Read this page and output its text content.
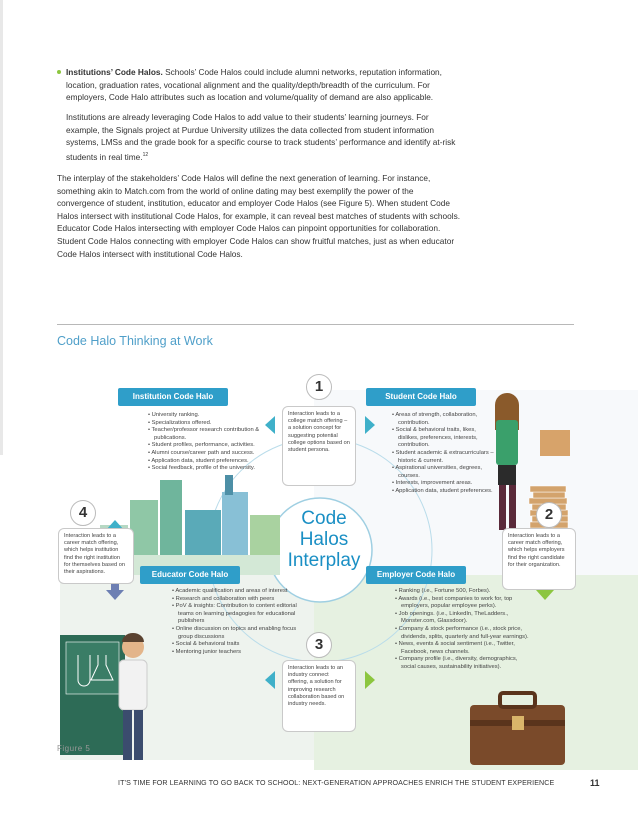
Institutions’ Code Halos. Schools’ Code Halos could include alumni networks, reputation information, location, graduation rates, vocational alignment and the quality/depth/breadth of the curriculum. For employers, Code Halo attributes such as location and volume/quality of demand are also applicable.

Institutions are already leveraging Code Halos to add value to their students’ learning journeys. For example, the Signals project at Purdue University utilizes the data collected from student information systems, LMSs and the grade book for a specific course to track students’ performance and identify at-risk students in real time.$^{12}$

The interplay of the stakeholders’ Code Halos will define the next generation of learning. For instance, something akin to Match.com from the world of online dating may best exemplify the power of the convergence of student, institution, educator and employer Code Halos (see Figure 5). When student Code Halos intersect with institutional Code Halos, for example, it can reveal best matches of students with schools. Educator Code Halos intersecting with employer Code Halos can pinpoint opportunities for collaboration. Student Code Halos connecting with employer Code Halos can show fruitful matches, just as when educator Code Halos intersect with institutional Code Halos.

Code Halo Thinking at Work
Institution Code Halo	Student Code Halo
Educator Code Halo	Employer Code Halo
• University ranking.
• Specializations offered.
• Teacher/professor research contribution & publications.
• Student profiles, performance, activities.
• Alumni course/career path and success.
• Application data, student preferences.
• Social feedback, profile of the university.
• Areas of strength, collaboration, contribution.
• Social & behavioral traits, likes, dislikes, preferences, interests, contribution.
• Student academic & extracurriculars – historic & current.
• Aspirational universities, degrees, courses.
• Interests, improvement areas.
• Application data, student preferences.
• Academic qualification and areas of interest
• Research and collaboration with peers
• PoV & insights: Contribution to content editorial teams on learning pedagogies for educational publishers
• Online discussion on topics and enabling focus group discussions
• Social & behavioral traits
• Mentoring junior teachers
• Ranking (i.e., Fortune 500, Forbes).
• Awards (i.e., best companies to work for, top employers, popular employee perks).
• Job openings. (i.e., LinkedIn, TheLadders., Monster.com, Glassdoor).
• Company & stock performance (i.e., stock price, dividends, splits, quarterly and full-year earnings).
• News, events & social sentiment (i.e., Twitter, Facebook, news channels.
• Company profile (i.e., diversity, demographics, social causes, sustainability initiatives).
Code
Halos
Interplay
1
Interaction leads to a college match offering – a solution concept for suggesting potential college options based on student persona.
2
Interaction leads to a career match offering, which helps employers find the right candidate for their organization.
3
Interaction leads to an industry connect offering, a solution for improving research collaboration based on industry needs.
4
Interaction leads to a career match offering, which helps institution find the right institution for themselves based on their aspirations.
Figure 5
IT’S TIME FOR LEARNING TO GO BACK TO SCHOOL: NEXT-GENERATION APPROACHES ENRICH THE STUDENT EXPERIENCE	11
